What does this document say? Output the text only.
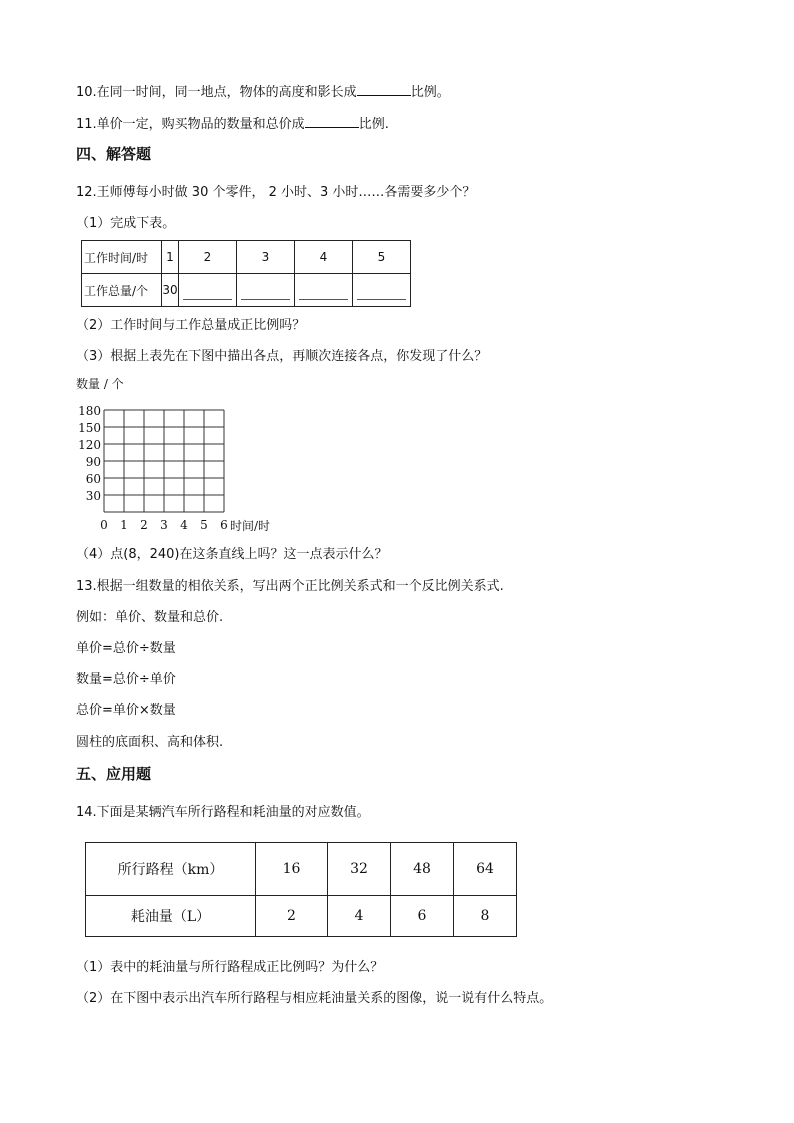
10.在同一时间，同一地点，物体的高度和影长成	比例。
11.单价一定，购买物品的数量和总价成	比例.
四、解答题
12.王师傅每小时做 30 个零件， 2 小时、3 小时……各需要多少个？
（1）完成下表。
工作时间/时	1	2	3	4	5
工作总量/个	30	

（2）工作时间与工作总量成正比例吗？
（3）根据上表先在下图中描出各点，再顺次连接各点，你发现了什么？
数量 / 个
180
150
120
90
60
30
0 1 2 3 4 5 6 时间/时
（4）点(8，240)在这条直线上吗？这一点表示什么？
13.根据一组数量的相依关系，写出两个正比例关系式和一个反比例关系式.
例如：单价、数量和总价.
单价=总价÷数量
数量=总价÷单价
总价=单价×数量
圆柱的底面积、高和体积.
五、应用题
14.下面是某辆汽车所行路程和耗油量的对应数值。
所行路程（km）	16	32	48	64
耗油量（L）	2	4	6	8
（1）表中的耗油量与所行路程成正比例吗？为什么？
（2）在下图中表示出汽车所行路程与相应耗油量关系的图像，说一说有什么特点。
